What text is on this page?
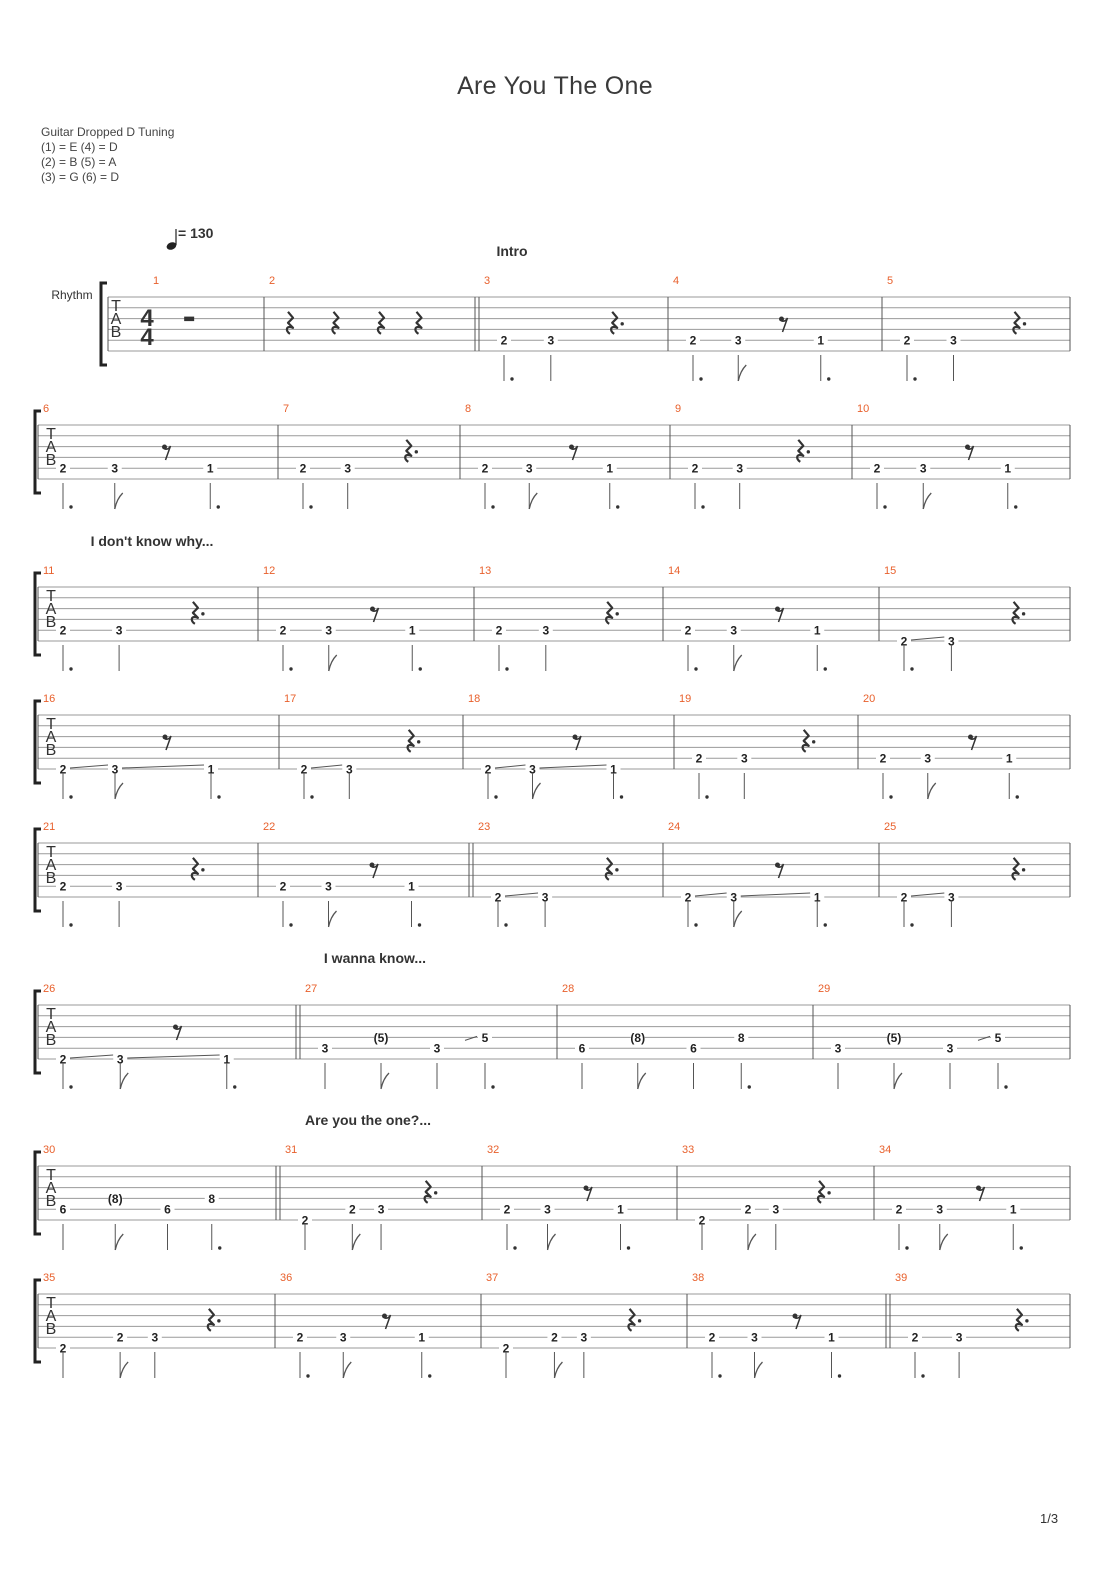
Are You The One
Guitar Dropped D Tuning
(1) = E (4) = D
(2) = B (5) = A
(3) = G (6) = D
= 130
Intro
I don't know why...
I wanna know...
Are you the one?...
T
A
B
Rhythm
4
4
1	2	3
2	3
4
2	3	1
5
2	3
T
A
B
6
2	3	1
7
2	3
8
2	3	1
9
2	3
10
2	3	1
T
A
B
11
2	3
12
2	3	1
13
2	3
14
2	3	1
15
2	3
T
A
B
16
2	3	1
17
2	3
18
2	3	1
19
2	3
20
2	3	1
T
A
B
21
2	3
22
2	3	1
23
2	3
24
2	3	1
25
2	3
T
A
B
26
2	3	1
27
3
(5)
3
5
28
6
(8)
6
8
29
3
(5)
3
5
T
A
B
30
6
(8)
6
8
31
2
2 3
32
2	3	1
33
2
2 3
34
2	3	1
T
A
B
35
2
2 3
36
2	3	1
37
2
2 3
38
2	3	1
39
2	3
1/3
